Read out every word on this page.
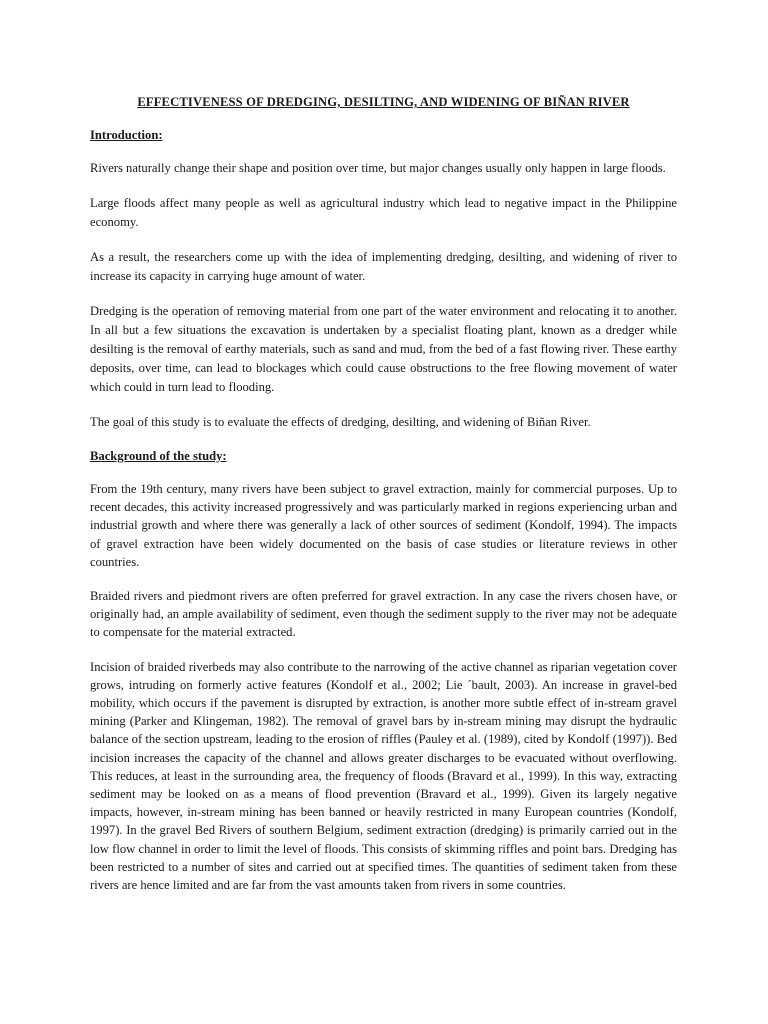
EFFECTIVENESS OF DREDGING, DESILTING, AND WIDENING OF BIÑAN RIVER
Introduction:

Rivers naturally change their shape and position over time, but major changes usually only happen in large floods.

Large floods affect many people as well as agricultural industry which lead to negative impact in the Philippine economy.

As a result, the researchers come up with the idea of implementing dredging, desilting, and widening of river to increase its capacity in carrying huge amount of water.

Dredging is the operation of removing material from one part of the water environment and relocating it to another. In all but a few situations the excavation is undertaken by a specialist floating plant, known as a dredger while desilting is the removal of earthy materials, such as sand and mud, from the bed of a fast flowing river. These earthy deposits, over time, can lead to blockages which could cause obstructions to the free flowing movement of water which could in turn lead to flooding.

The goal of this study is to evaluate the effects of dredging, desilting, and widening of Biñan River.

Background of the study:

From the 19th century, many rivers have been subject to gravel extraction, mainly for commercial purposes. Up to recent decades, this activity increased progressively and was particularly marked in regions experiencing urban and industrial growth and where there was generally a lack of other sources of sediment (Kondolf, 1994). The impacts of gravel extraction have been widely documented on the basis of case studies or literature reviews in other countries.

Braided rivers and piedmont rivers are often preferred for gravel extraction. In any case the rivers chosen have, or originally had, an ample availability of sediment, even though the sediment supply to the river may not be adequate to compensate for the material extracted.

Incision of braided riverbeds may also contribute to the narrowing of the active channel as riparian vegetation cover grows, intruding on formerly active features (Kondolf et al., 2002; Lie ´bault, 2003). An increase in gravel-bed mobility, which occurs if the pavement is disrupted by extraction, is another more subtle effect of in-stream gravel mining (Parker and Klingeman, 1982). The removal of gravel bars by in-stream mining may disrupt the hydraulic balance of the section upstream, leading to the erosion of riffles (Pauley et al. (1989), cited by Kondolf (1997)). Bed incision increases the capacity of the channel and allows greater discharges to be evacuated without overflowing. This reduces, at least in the surrounding area, the frequency of floods (Bravard et al., 1999). In this way, extracting sediment may be looked on as a means of flood prevention (Bravard et al., 1999). Given its largely negative impacts, however, in-stream mining has been banned or heavily restricted in many European countries (Kondolf, 1997). In the gravel Bed Rivers of southern Belgium, sediment extraction (dredging) is primarily carried out in the low flow channel in order to limit the level of floods. This consists of skimming riffles and point bars. Dredging has been restricted to a number of sites and carried out at specified times. The quantities of sediment taken from these rivers are hence limited and are far from the vast amounts taken from rivers in some countries.
